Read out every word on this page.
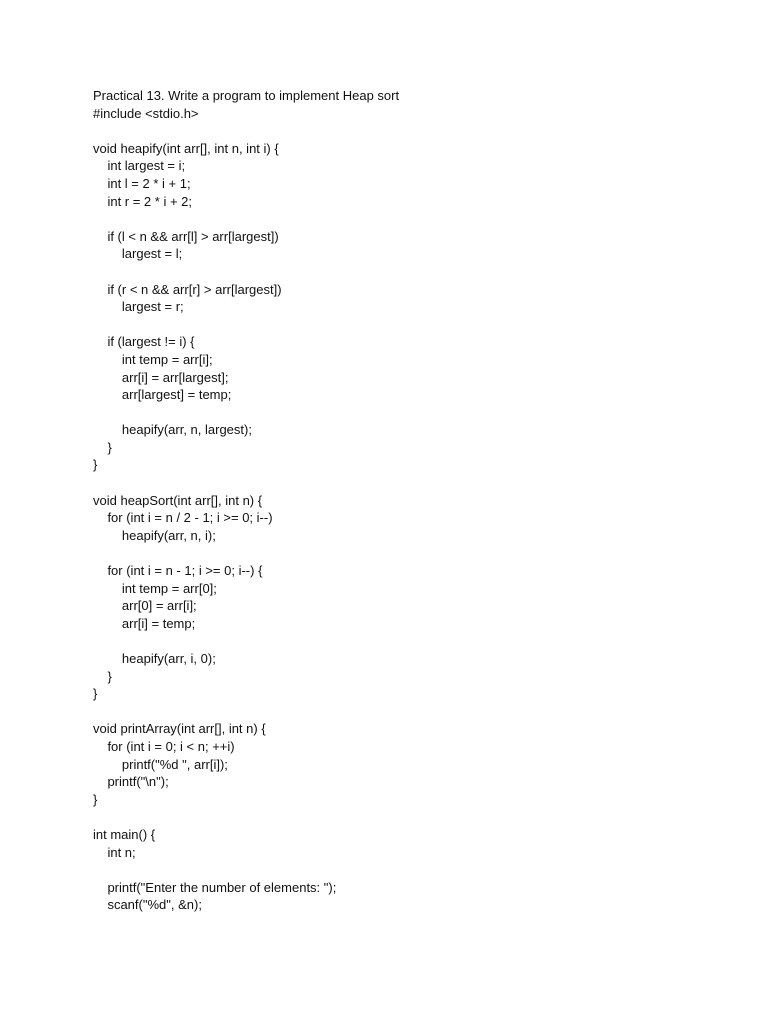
Practical 13. Write a program to implement Heap sort
#include <stdio.h>
void heapify(int arr[], int n, int i) {
int largest = i;
int l = 2 * i + 1;
int r = 2 * i + 2;
if (l < n && arr[l] > arr[largest])
largest = l;
if (r < n && arr[r] > arr[largest])
largest = r;
if (largest != i) {
int temp = arr[i];
arr[i] = arr[largest];
arr[largest] = temp;
heapify(arr, n, largest);
}
}
void heapSort(int arr[], int n) {
for (int i = n / 2 - 1; i >= 0; i--)
heapify(arr, n, i);
for (int i = n - 1; i >= 0; i--) {
int temp = arr[0];
arr[0] = arr[i];
arr[i] = temp;
heapify(arr, i, 0);
}
}
void printArray(int arr[], int n) {
for (int i = 0; i < n; ++i)
printf("%d ", arr[i]);
printf("\n");
}
int main() {
int n;
printf("Enter the number of elements: ");
scanf("%d", &n);
